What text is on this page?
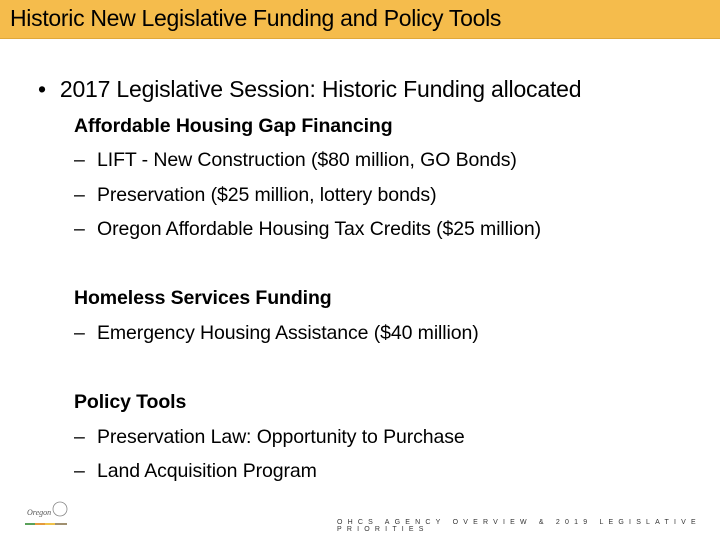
Historic New Legislative Funding and Policy Tools
• 2017 Legislative Session: Historic Funding allocated
Affordable Housing Gap Financing
– LIFT - New Construction ($80 million, GO Bonds)
– Preservation ($25 million, lottery bonds)
– Oregon Affordable Housing Tax Credits ($25 million)
Homeless Services Funding
– Emergency Housing Assistance ($40 million)
Policy Tools
– Preservation Law: Opportunity to Purchase
– Land Acquisition Program
Oregon
OHCS AGENCY OVERVIEW & 2019 LEGISLATIVE PRIORITIES
